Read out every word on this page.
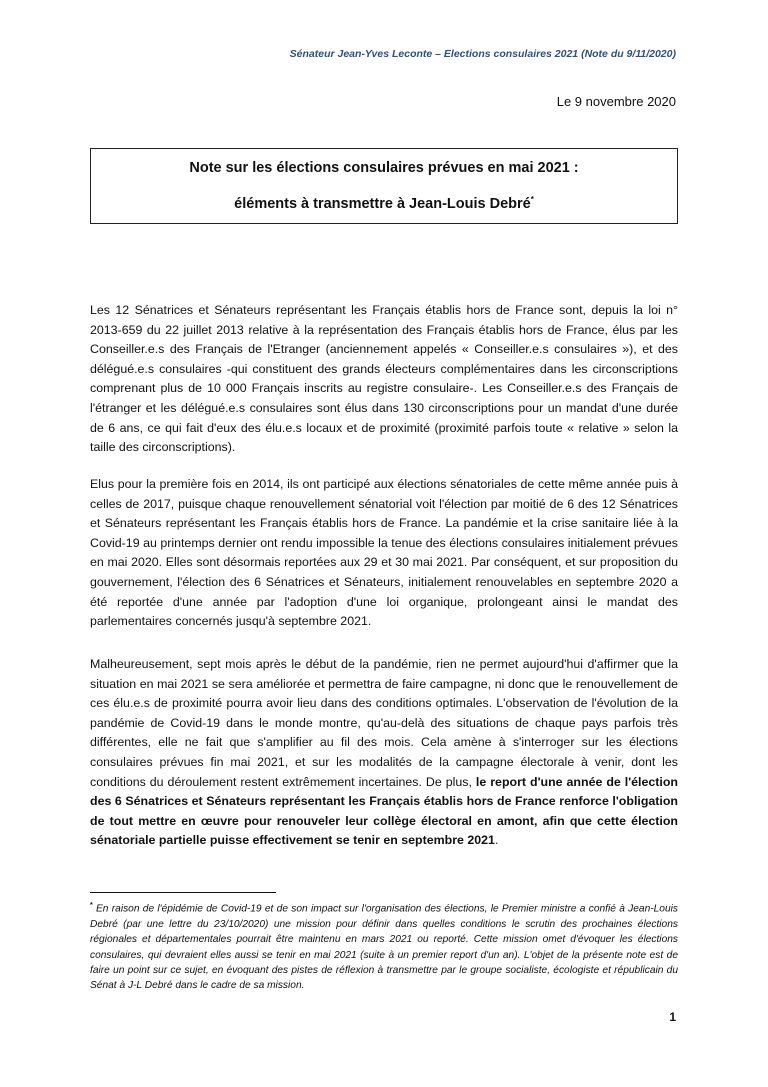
Sénateur Jean-Yves Leconte – Elections consulaires 2021 (Note du 9/11/2020)
Le 9 novembre 2020
Note sur les élections consulaires prévues en mai 2021 :
éléments à transmettre à Jean-Louis Debré*

Les 12 Sénatrices et Sénateurs représentant les Français établis hors de France sont, depuis la loi n° 2013-659 du 22 juillet 2013 relative à la représentation des Français établis hors de France, élus par les Conseiller.e.s des Français de l'Etranger (anciennement appelés « Conseiller.e.s consulaires »), et des délégué.e.s consulaires -qui constituent des grands électeurs complémentaires dans les circonscriptions comprenant plus de 10 000 Français inscrits au registre consulaire-. Les Conseiller.e.s des Français de l'étranger et les délégué.e.s consulaires sont élus dans 130 circonscriptions pour un mandat d'une durée de 6 ans, ce qui fait d'eux des élu.e.s locaux et de proximité (proximité parfois toute « relative » selon la taille des circonscriptions).

Elus pour la première fois en 2014, ils ont participé aux élections sénatoriales de cette même année puis à celles de 2017, puisque chaque renouvellement sénatorial voit l'élection par moitié de 6 des 12 Sénatrices et Sénateurs représentant les Français établis hors de France. La pandémie et la crise sanitaire liée à la Covid-19 au printemps dernier ont rendu impossible la tenue des élections consulaires initialement prévues en mai 2020. Elles sont désormais reportées aux 29 et 30 mai 2021. Par conséquent, et sur proposition du gouvernement, l'élection des 6 Sénatrices et Sénateurs, initialement renouvelables en septembre 2020 a été reportée d'une année par l'adoption d'une loi organique, prolongeant ainsi le mandat des parlementaires concernés jusqu'à septembre 2021.

Malheureusement, sept mois après le début de la pandémie, rien ne permet aujourd'hui d'affirmer que la situation en mai 2021 se sera améliorée et permettra de faire campagne, ni donc que le renouvellement de ces élu.e.s de proximité pourra avoir lieu dans des conditions optimales. L'observation de l'évolution de la pandémie de Covid-19 dans le monde montre, qu'au-delà des situations de chaque pays parfois très différentes, elle ne fait que s'amplifier au fil des mois. Cela amène à s'interroger sur les élections consulaires prévues fin mai 2021, et sur les modalités de la campagne électorale à venir, dont les conditions du déroulement restent extrêmement incertaines. De plus, le report d'une année de l'élection des 6 Sénatrices et Sénateurs représentant les Français établis hors de France renforce l'obligation de tout mettre en œuvre pour renouveler leur collège électoral en amont, afin que cette élection sénatoriale partielle puisse effectivement se tenir en septembre 2021.

* En raison de l'épidémie de Covid-19 et de son impact sur l'organisation des élections, le Premier ministre a confié à Jean-Louis Debré (par une lettre du 23/10/2020) une mission pour définir dans quelles conditions le scrutin des prochaines élections régionales et départementales pourrait être maintenu en mars 2021 ou reporté. Cette mission omet d'évoquer les élections consulaires, qui devraient elles aussi se tenir en mai 2021 (suite à un premier report d'un an). L'objet de la présente note est de faire un point sur ce sujet, en évoquant des pistes de réflexion à transmettre par le groupe socialiste, écologiste et républicain du Sénat à J-L Debré dans le cadre de sa mission.
1
